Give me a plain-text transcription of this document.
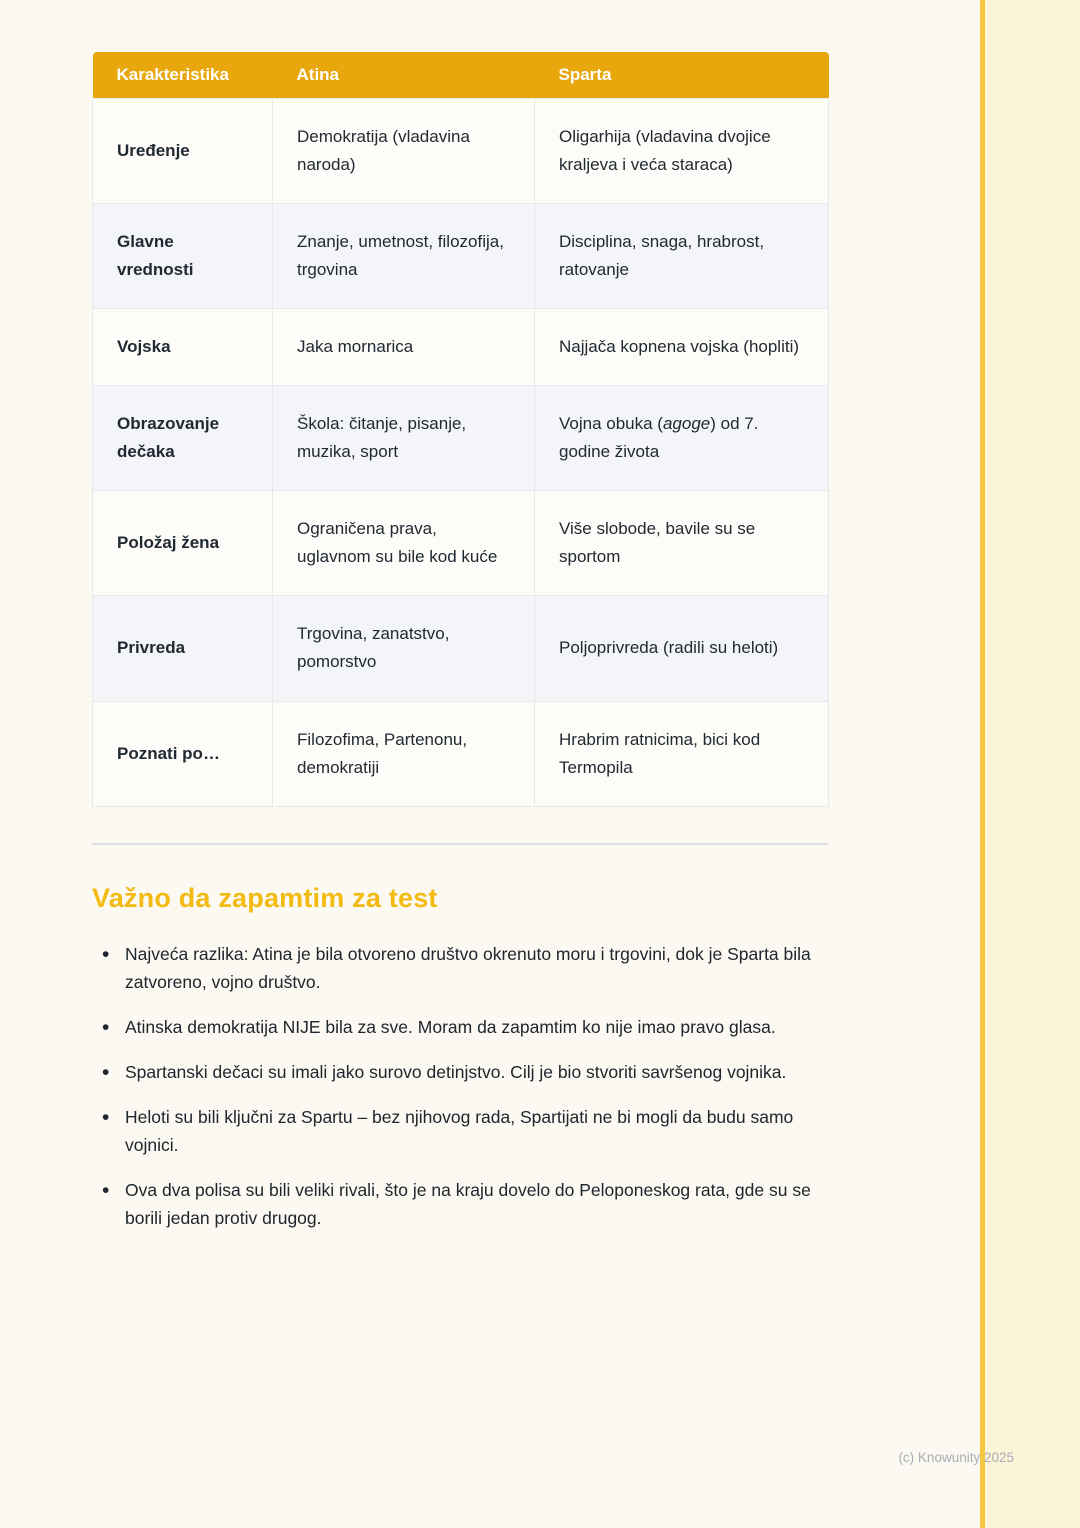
Karakteristika	Atina	Sparta
Uređenje	Demokratija (vladavina naroda)	Oligarhija (vladavina dvojice kraljeva i veća staraca)
Glavne vrednosti	Znanje, umetnost, filozofija, trgovina	Disciplina, snaga, hrabrost, ratovanje
Vojska	Jaka mornarica	Najjača kopnena vojska (hopliti)
Obrazovanje dečaka	Škola: čitanje, pisanje, muzika, sport	Vojna obuka (agoge) od 7. godine života
Položaj žena	Ograničena prava, uglavnom su bile kod kuće	Više slobode, bavile su se sportom
Privreda	Trgovina, zanatstvo, pomorstvo	Poljoprivreda (radili su heloti)
Poznati po…	Filozofima, Partenonu, demokratiji	Hrabrim ratnicima, bici kod Termopila
Važno da zapamtim za test
• Najveća razlika: Atina je bila otvoreno društvo okrenuto moru i trgovini, dok je Sparta bila zatvoreno, vojno društvo.
• Atinska demokratija NIJE bila za sve. Moram da zapamtim ko nije imao pravo glasa.
• Spartanski dečaci su imali jako surovo detinjstvo. Cilj je bio stvoriti savršenog vojnika.
• Heloti su bili ključni za Spartu – bez njihovog rada, Spartijati ne bi mogli da budu samo vojnici.
• Ova dva polisa su bili veliki rivali, što je na kraju dovelo do Peloponeskog rata, gde su se borili jedan protiv drugog.
(c) Knowunity 2025
